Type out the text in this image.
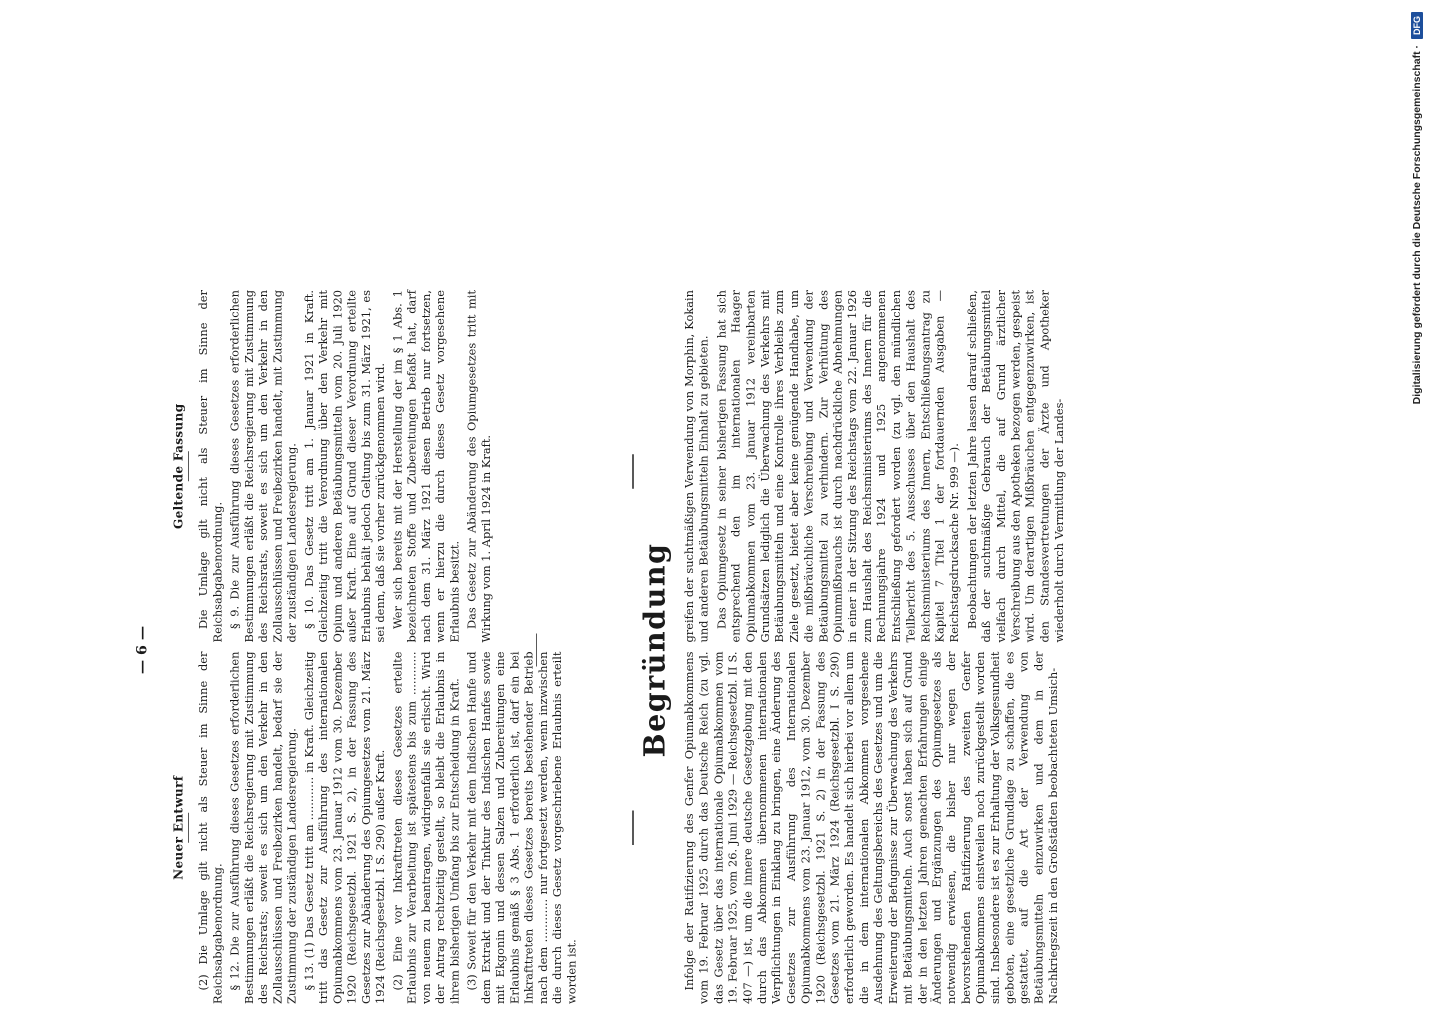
— 6 —
Neuer Entwurf (2) Die Umlage gilt nicht als Steuer im Sinne der Reichsabgabenordnung. § 12. Die zur Ausführung dieses Gesetzes erforderlichen Bestimmungen erläßt die Reichsregierung mit Zustimmung des Reichsrats; soweit es sich um den Verkehr in den Zollausschlüssen und Freibezirken handelt, bedarf sie der Zustimmung der zuständigen Landesregierung. § 13. (1) Das Gesetz tritt am ............ in Kraft. Gleichzeitig tritt das Gesetz zur Ausführung des internationalen Opiumabkommens vom 23. Januar 1912 vom 30. Dezember 1920 (Reichsgesetzbl. 1921 S. 2), in der Fassung des Gesetzes zur Abänderung des Opiumgesetzes vom 21. März 1924 (Reichsgesetzbl. I S. 290) außer Kraft. (2) Eine vor Inkrafttreten dieses Gesetzes erteilte Erlaubnis zur Verarbeitung ist spätestens bis zum ............ von neuem zu beantragen, widrigenfalls sie erlischt. Wird der Antrag rechtzeitig gestellt, so bleibt die Erlaubnis in ihrem bisherigen Umfang bis zur Entscheidung in Kraft. (3) Soweit für den Verkehr mit dem Indischen Hanfe und dem Extrakt und der Tinktur des Indischen Hanfes sowie mit Ekgonin und dessen Salzen und Zubereitungen eine Erlaubnis gemäß § 3 Abs. 1 erforderlich ist, darf ein bei Inkrafttreten dieses Gesetzes bereits bestehender Betrieb nach dem ............ nur fortgesetzt werden, wenn inzwischen die durch dieses Gesetz vorgeschriebene Erlaubnis erteilt worden ist.

Geltende Fassung Die Umlage gilt nicht als Steuer im Sinne der Reichsabgabenordnung. § 9. Die zur Ausführung dieses Gesetzes erforderlichen Bestimmungen erläßt die Reichsregierung mit Zustimmung des Reichsrats, soweit es sich um den Verkehr in den Zollausschlüssen und Freibezirken handelt, mit Zustimmung der zuständigen Landesregierung. § 10. Das Gesetz tritt am 1. Januar 1921 in Kraft. Gleichzeitig tritt die Verordnung über den Verkehr mit Opium und anderen Betäubungsmitteln vom 20. Juli 1920 außer Kraft. Eine auf Grund dieser Verordnung erteilte Erlaubnis behält jedoch Geltung bis zum 31. März 1921, es sei denn, daß sie vorher zurückgenommen wird. Wer sich bereits mit der Herstellung der im § 1 Abs. 1 bezeichneten Stoffe und Zubereitungen befaßt hat, darf nach dem 31. März 1921 diesen Betrieb nur fortsetzen, wenn er hierzu die durch dieses Gesetz vorgesehene Erlaubnis besitzt. Das Gesetz zur Abänderung des Opiumgesetzes tritt mit Wirkung vom 1. April 1924 in Kraft.

Begründung

Infolge der Ratifizierung des Genfer Opiumabkommens vom 19. Februar 1925 durch das Deutsche Reich (zu vgl. das Gesetz über das internationale Opiumabkommen vom 19. Februar 1925, vom 26. Juni 1929 — Reichsgesetzbl. II S. 407 —) ist, um die innere deutsche Gesetzgebung mit den durch das Abkommen übernommenen internationalen Verpflichtungen in Einklang zu bringen, eine Änderung des Gesetzes zur Ausführung des Internationalen Opiumabkommens vom 23. Januar 1912, vom 30. Dezember 1920 (Reichsgesetzbl. 1921 S. 2) in der Fassung des Gesetzes vom 21. März 1924 (Reichsgesetzbl. I S. 290) erforderlich geworden. Es handelt sich hierbei vor allem um die in dem internationalen Abkommen vorgesehene Ausdehnung des Geltungsbereichs des Gesetzes und um die Erweiterung der Befugnisse zur Überwachung des Verkehrs mit Betäubungsmitteln. Auch sonst haben sich auf Grund der in den letzten Jahren gemachten Erfahrungen einige Änderungen und Ergänzungen des Opiumgesetzes als notwendig erwiesen, die bisher nur wegen der bevorstehenden Ratifizierung des zweiten Genfer Opiumabkommens einstweilen noch zurückgestellt worden sind. Insbesondere ist es zur Erhaltung der Volksgesundheit geboten, eine gesetzliche Grundlage zu schaffen, die es gestattet, auf die Art der Verwendung von Betäubungsmitteln einzuwirken und dem in der Nachkriegszeit in den Großstädten beobachteten Umsich-

greifen der suchtmäßigen Verwendung von Morphin, Kokain und anderen Betäubungsmitteln Einhalt zu gebieten. Das Opiumgesetz in seiner bisherigen Fassung hat sich entsprechend den im internationalen Haager Opiumabkommen vom 23. Januar 1912 vereinbarten Grundsätzen lediglich die Überwachung des Verkehrs mit Betäubungsmitteln und eine Kontrolle ihres Verbleibs zum Ziele gesetzt, bietet aber keine genügende Handhabe, um die mißbräuchliche Verschreibung und Verwendung der Betäubungsmittel zu verhindern. Zur Verhütung des Opiummißbrauchs ist durch nachdrückliche Abnehmungen in einer in der Sitzung des Reichstags vom 22. Januar 1926 zum Haushalt des Reichsministeriums des Innern für die Rechnungsjahre 1924 und 1925 angenommenen Entschließung gefordert worden (zu vgl. den mündlichen Teilbericht des 5. Ausschusses über den Haushalt des Reichsministeriums des Innern, Entschließungsantrag zu Kapitel 7 Titel 1 der fortdauernden Ausgaben — Reichstagsdrucksache Nr. 999 —). Beobachtungen der letzten Jahre lassen darauf schließen, daß der suchtmäßige Gebrauch der Betäubungsmittel vielfach durch Mittel, die auf Grund ärztlicher Verschreibung aus den Apotheken bezogen werden, gespeist wird. Um derartigen Mißbräuchen entgegenzuwirken, ist den Standesvertretungen der Ärzte und Apotheker wiederholt durch Vermittlung der Landes-

Digitalisierung gefördert durch die Deutsche Forschungsgemeinschaft ·
DFG
